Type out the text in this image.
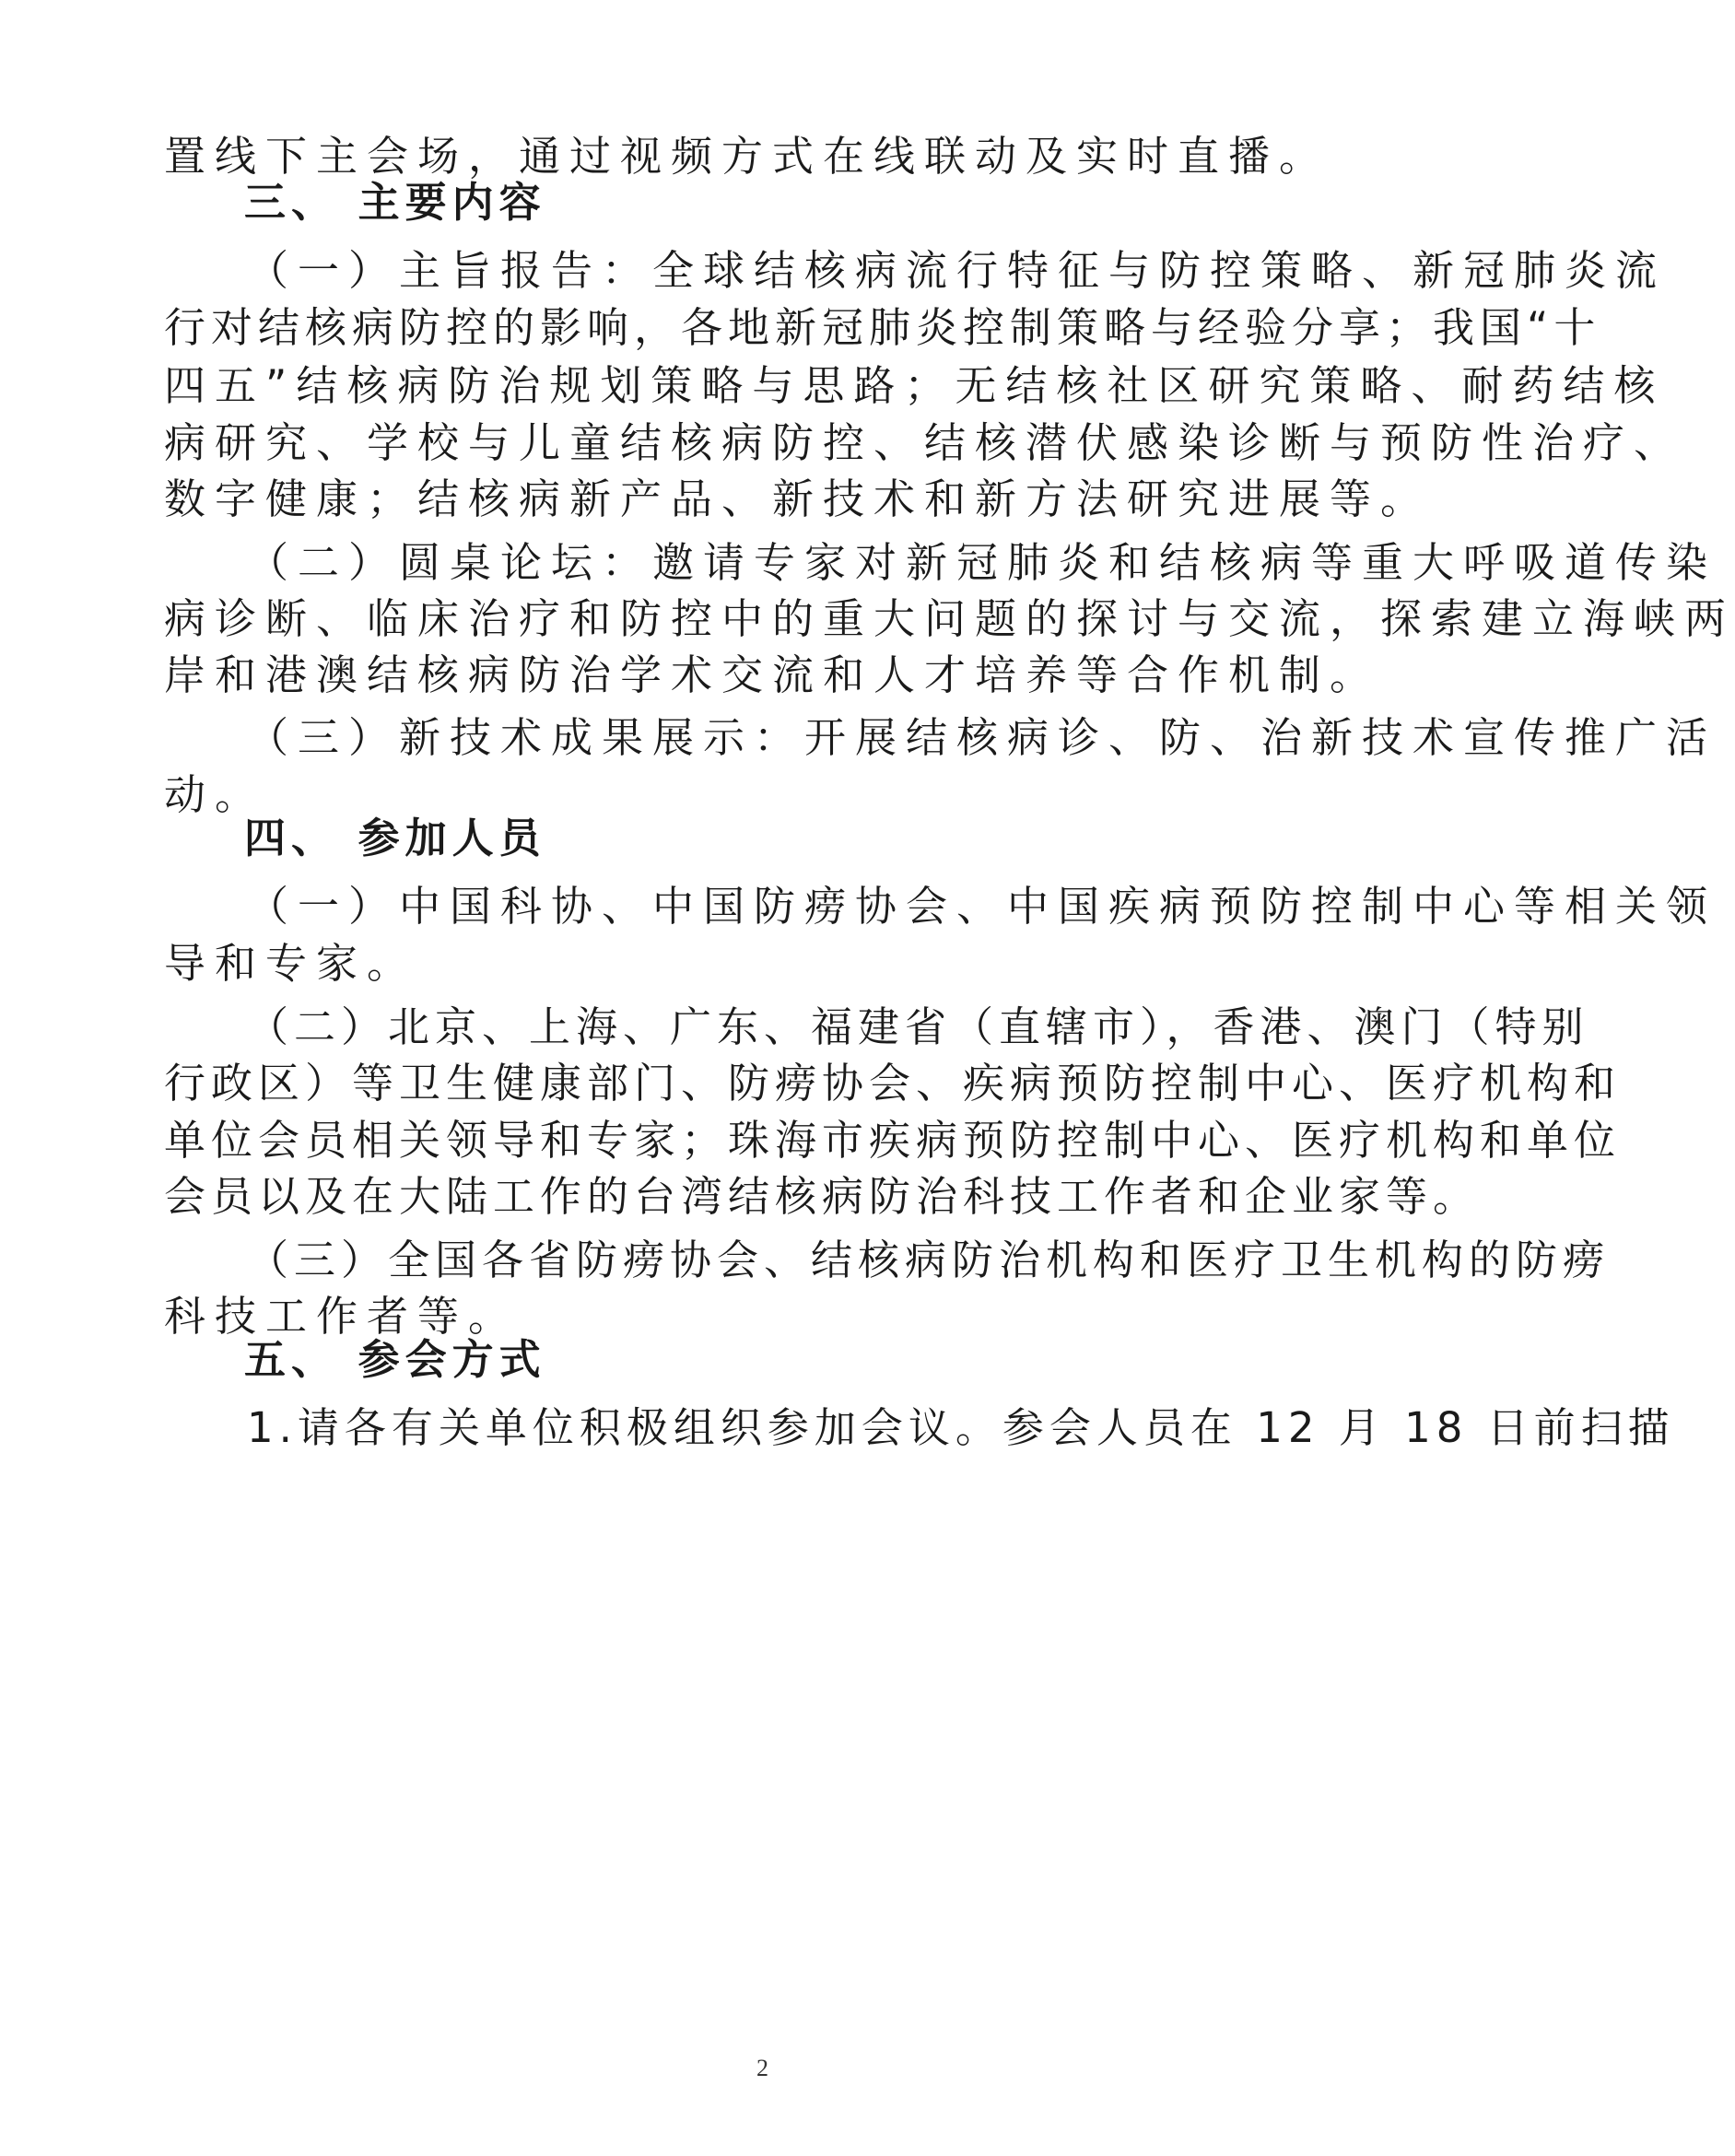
置线下主会场，通过视频方式在线联动及实时直播。
三、 主要内容
（一）主旨报告：全球结核病流行特征与防控策略、新冠肺炎流
行对结核病防控的影响，各地新冠肺炎控制策略与经验分享；我国“十
四五”结核病防治规划策略与思路；无结核社区研究策略、耐药结核
病研究、学校与儿童结核病防控、结核潜伏感染诊断与预防性治疗、
数字健康；结核病新产品、新技术和新方法研究进展等。
（二）圆桌论坛：邀请专家对新冠肺炎和结核病等重大呼吸道传染
病诊断、临床治疗和防控中的重大问题的探讨与交流，探索建立海峡两
岸和港澳结核病防治学术交流和人才培养等合作机制。
（三）新技术成果展示：开展结核病诊、防、治新技术宣传推广活
动。
四、 参加人员
（一）中国科协、中国防痨协会、中国疾病预防控制中心等相关领
导和专家。
（二）北京、上海、广东、福建省（直辖市），香港、澳门（特别
行政区）等卫生健康部门、防痨协会、疾病预防控制中心、医疗机构和
单位会员相关领导和专家；珠海市疾病预防控制中心、医疗机构和单位
会员以及在大陆工作的台湾结核病防治科技工作者和企业家等。
（三）全国各省防痨协会、结核病防治机构和医疗卫生机构的防痨
科技工作者等。
五、 参会方式
1.请各有关单位积极组织参加会议。参会人员在 12 月 18 日前扫描
2
